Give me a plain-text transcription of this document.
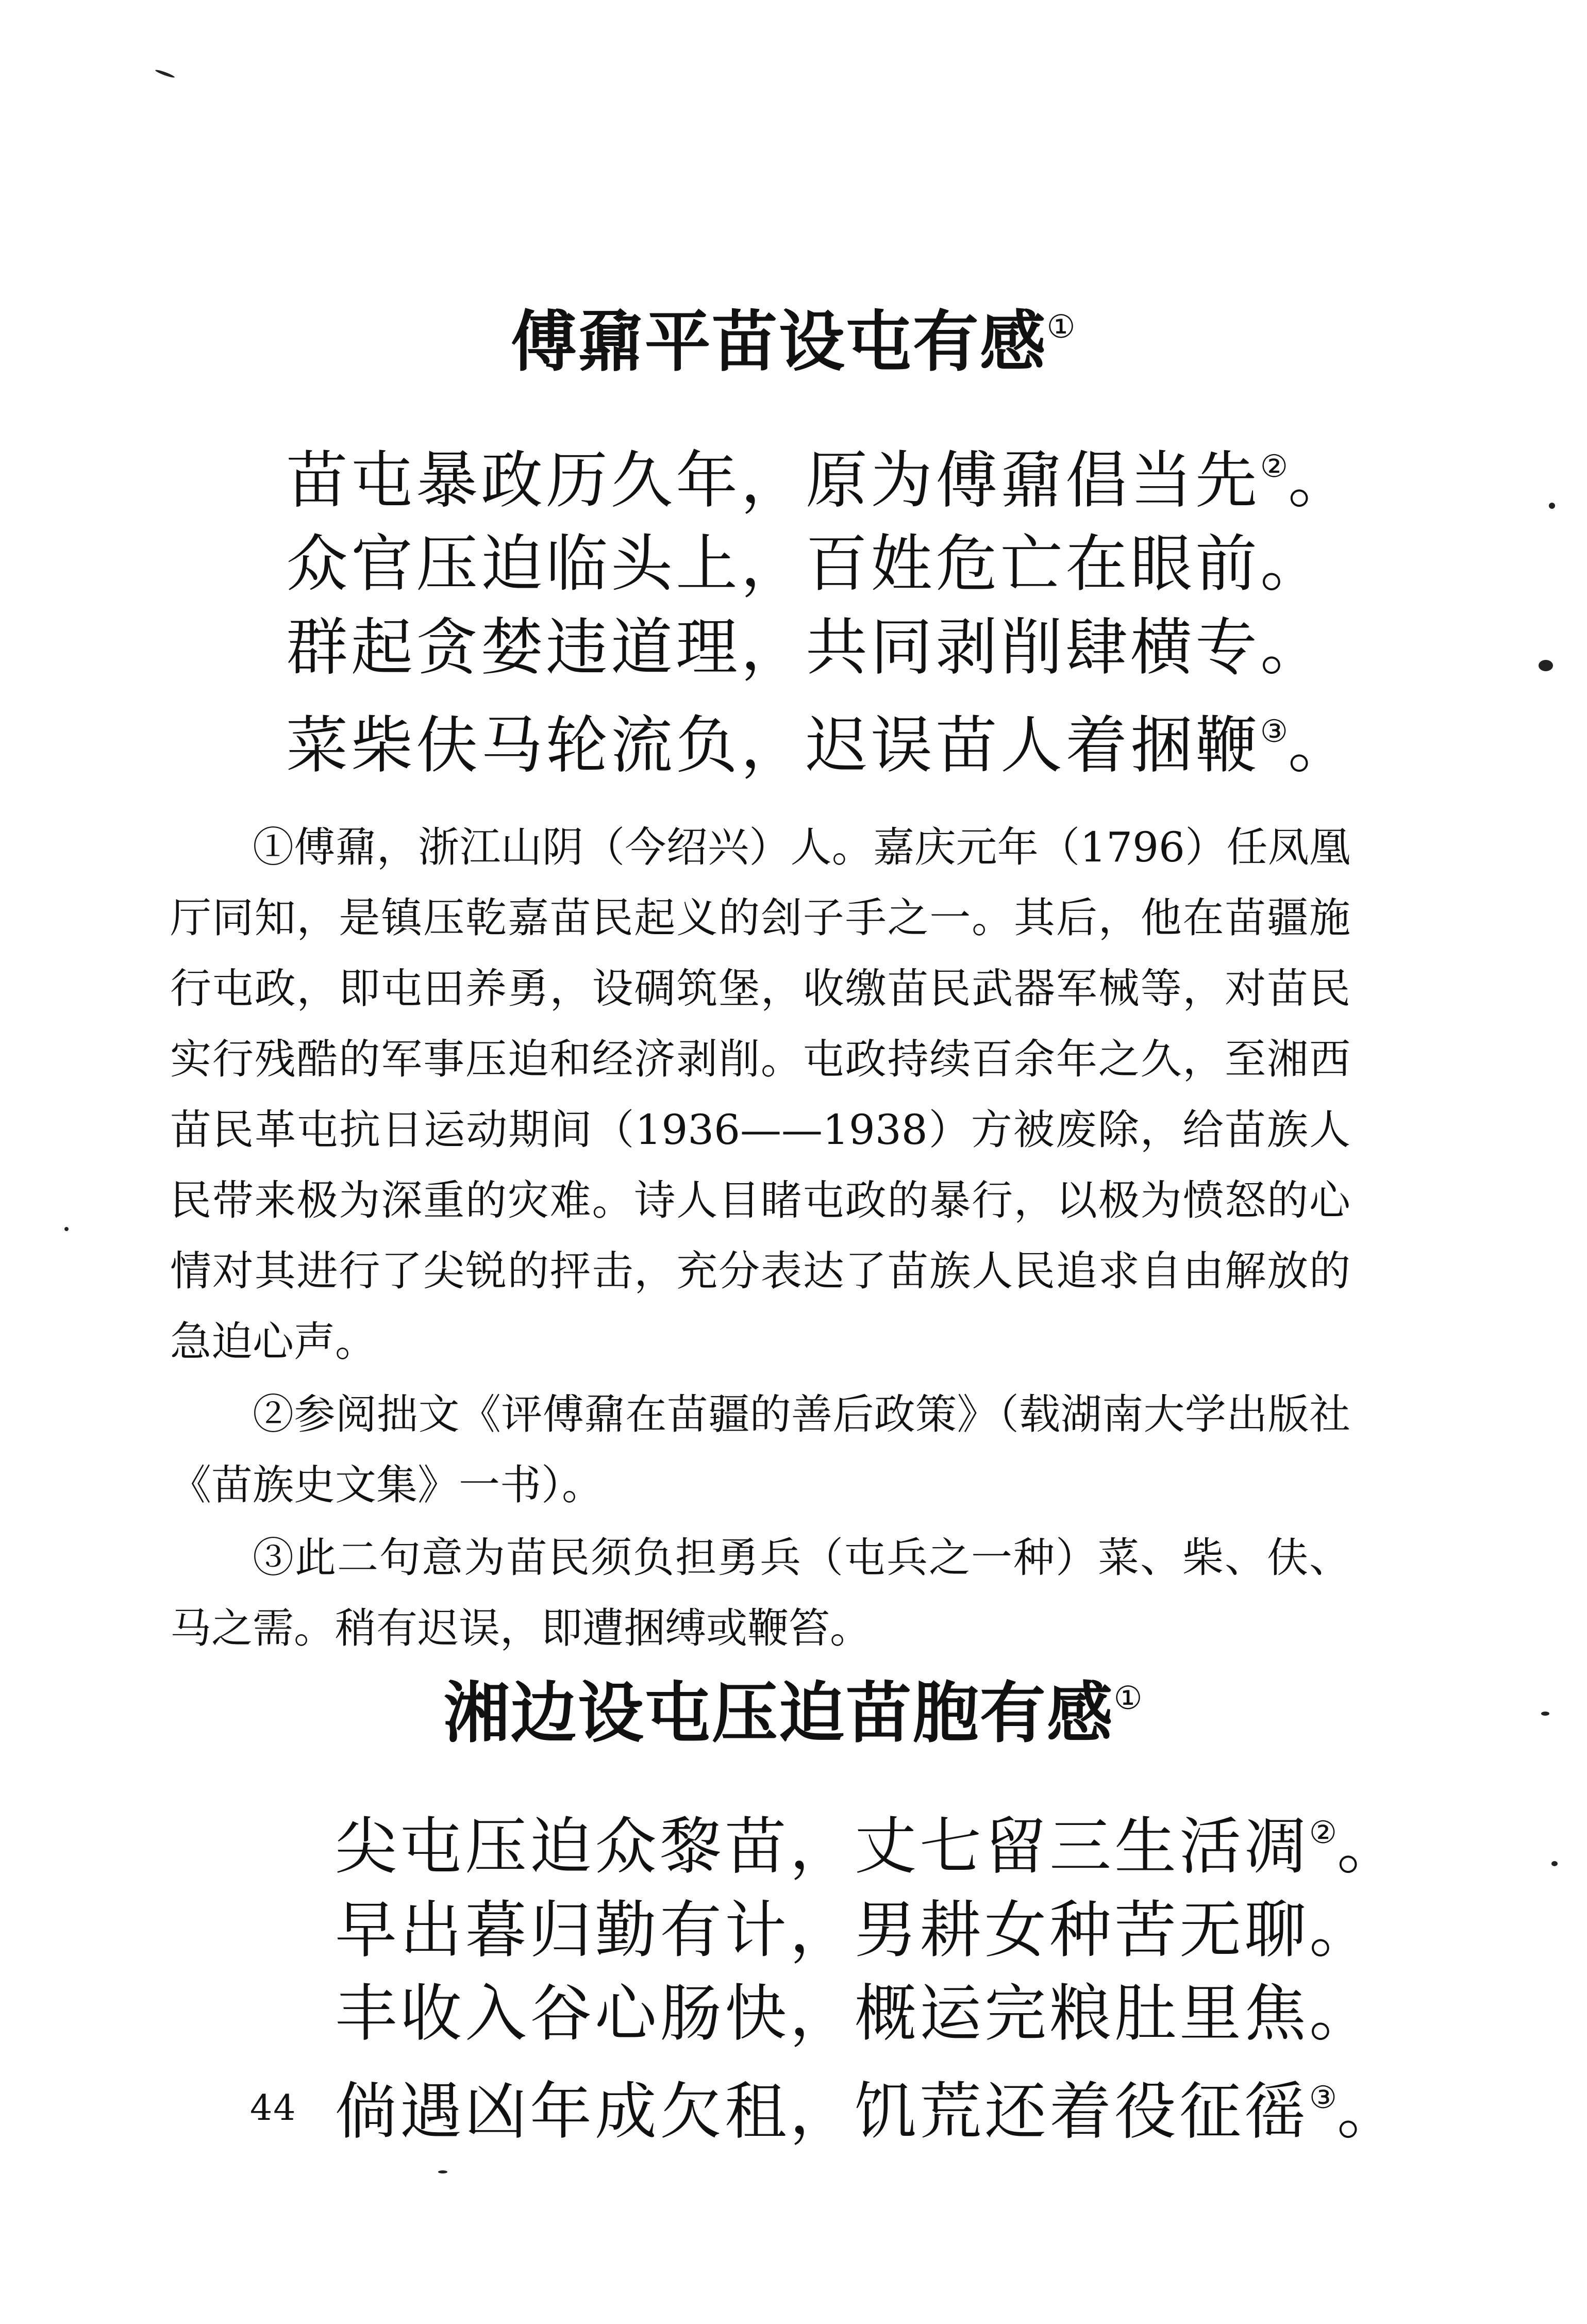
傅鼐平苗设屯有感①
苗屯暴政历久年，原为傅鼐倡当先②。
众官压迫临头上，百姓危亡在眼前。
群起贪婪违道理，共同剥削肆横专。
菜柴伕马轮流负，迟误苗人着捆鞭③。

①傅鼐，浙江山阴（今绍兴）人。嘉庆元年（1796）任凤凰厅同知，是镇压乾嘉苗民起义的刽子手之一。其后，他在苗疆施行屯政，即屯田养勇，设碉筑堡，收缴苗民武器军械等，对苗民实行残酷的军事压迫和经济剥削。屯政持续百余年之久，至湘西苗民革屯抗日运动期间（1936——1938）方被废除，给苗族人民带来极为深重的灾难。诗人目睹屯政的暴行，以极为愤怒的心情对其进行了尖锐的抨击，充分表达了苗族人民追求自由解放的急迫心声。

②参阅拙文《评傅鼐在苗疆的善后政策》（载湖南大学出版社《苗族史文集》一书）。

③此二句意为苗民须负担勇兵（屯兵之一种）菜、柴、伕、马之需。稍有迟误，即遭捆缚或鞭笞。

湘边设屯压迫苗胞有感①
尖屯压迫众黎苗，丈七留三生活凋②。
早出暮归勤有计，男耕女种苦无聊。
丰收入谷心肠快，概运完粮肚里焦。
倘遇凶年成欠租，饥荒还着役征徭③。
44
